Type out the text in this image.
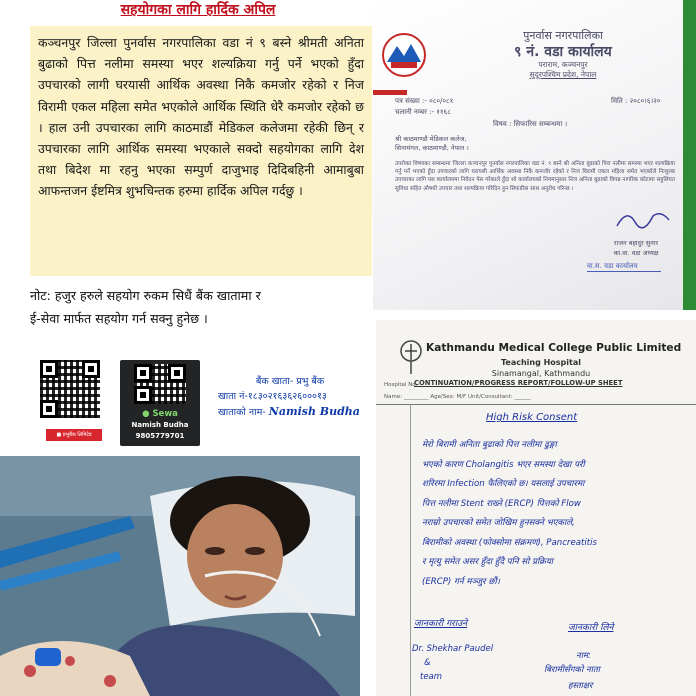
सहयोगका लागि हार्दिक अपिल
कञ्चनपुर जिल्ला पुनर्वास नगरपालिका वडा नं ९ बस्ने श्रीमती अनिता बुढाको पित्त नलीमा समस्या भएर शल्यक्रिया गर्नु पर्ने भएको हुँदा उपचारको लागी घरयासी आर्थिक अवस्था निकै कमजोर रहेको र निज विरामी एकल महिला समेत भएकोले आर्थिक स्थिति धेरै कमजोर रहेको छ । हाल उनी उपचारका लागि काठमाडौं मेडिकल कलेजमा रहेकी छिन् र उपचारका लागि आर्थिक समस्या भएकाले सक्दो सहयोगका लागि देश तथा बिदेश मा रहनु भएका सम्पुर्ण दाजुभाइ दिदिबहिनी आमाबुबा आफन्तजन ईष्टमित्र शुभचिन्तक हरुमा हार्दिक अपिल गर्दछु ।
नोट: हजुर हरुले सहयोग रुकम सिधैं बैंक खातामा र
ई-सेवा मार्फत सहयोग गर्न सक्नु हुनेछ ।
■ प्रभुबैंक लिमिटेड
● Sewa
Namish Budha
9805779701
बैंक खाता- प्रभु बैंक
खाता नं-१८३०२१६३६२६०००१३
खाताको नाम- Namish Budha
पुनर्वास नगरपालिका
९ नं. वडा कार्यालय
पराराम, कञ्चनपुर
सुदूरपश्चिम प्रदेश, नेपाल
पत्र संख्या :- ०८०/०८१
चलानी नम्बर :- ११६८
मिति : २०८०।६।२०
विषय : सिफारिस सम्बन्धमा ।
श्री काठमाण्डौ मेडिकल कलेज,
सिनामंगल, काठमाण्डौ, नेपाल ।
उपरोक्त विषयका सम्बन्धमा जिल्ला कञ्चनपुर पुनर्वास नगरपालिका वडा नं. ९ बस्ने श्री अनिता बुढाको पित्त नलीमा समस्या भएर शल्यक्रिया गर्नु पर्ने भएको हुँदा उपचारको लागि घरायसी आर्थिक अवस्था निकै कमजोर रहेको र निज विरामी एकल महिला समेत भएकोले निःशुल्क उपचारका लागि यस कार्यालयमा निवेदन पेस गरेकाले हुँदा सो कार्यालयको नियमानुसार निज अनिता बुढाको विपन्न नागरिक कोटामा सहुलियत सुविधा सहित औषधी उपचार तथा शल्यक्रिया गरिदिन हुन सिफारिस साथ अनुरोध गरिन्छ ।
राजन बहादुर सुनार
का.वा. वडा अध्यक्ष
वा.स. वडा कार्यालय
Kathmandu Medical College Public Limited
Teaching Hospital
Sinamangal, Kathmandu
CONTINUATION/PROGRESS REPORT/FOLLOW-UP SHEET
Hospital No.
Name: _________ Age/Sex: M/F Unit/Consultant: ______
High Risk Consent
मेरो बिरामी अनिता बुढाको पित्त नलीमा ढुङ्गा
भएको कारण Cholangitis भएर समस्या देखा परी
शरिरमा Infection फैलिएको छ। यसलाई उपचारमा
पित्त नलीमा Stent राख्ने (ERCP) पित्तको Flow
नराम्रो उपचारको समेत जोखिम हुनसक्ने भएकाले,
बिरामीको अवस्था (फोक्सोमा संक्रमण), Pancreatitis
र मृत्यु समेत असर हुँदा हुँदै पनि सो प्रक्रिया
(ERCP) गर्न मञ्जुर छौं।
जानकारी गराउने	जानकारी लिने
Dr. Shekhar Paudel
&
team
नाम:
बिरामीसँगको नाता
हस्ताक्षर
